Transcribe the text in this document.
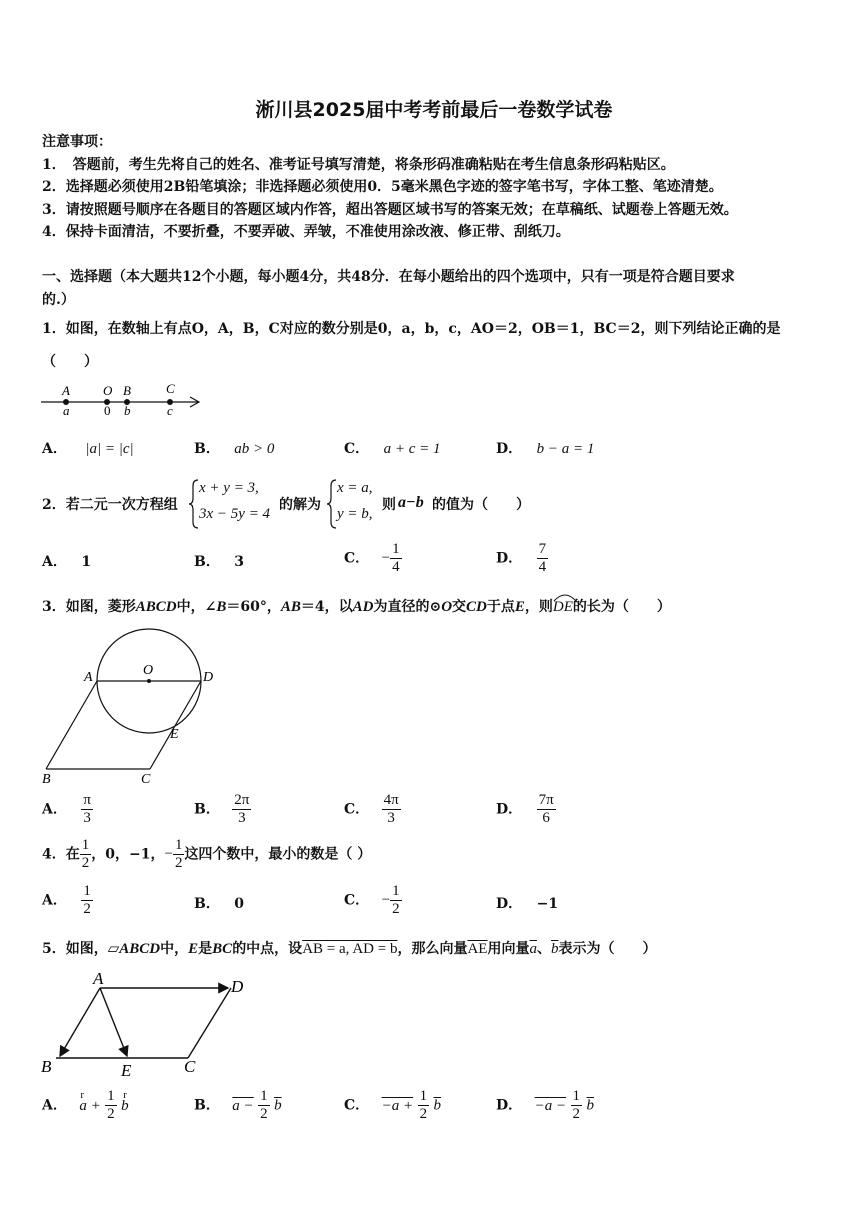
淅川县2025届中考考前最后一卷数学试卷
注意事项：
1．　答题前，考生先将自己的姓名、准考证号填写清楚，将条形码准确粘贴在考生信息条形码粘贴区。
2．选择题必须使用2B铅笔填涂；非选择题必须使用0．5毫米黑色字迹的签字笔书写，字体工整、笔迹清楚。
3．请按照题号顺序在各题目的答题区域内作答，超出答题区域书写的答案无效；在草稿纸、试题卷上答题无效。
4．保持卡面清洁，不要折叠，不要弄破、弄皱，不准使用涂改液、修正带、刮纸刀。
一、选择题（本大题共12个小题，每小题4分，共48分．在每小题给出的四个选项中，只有一项是符合题目要求
的.）
1．如图，在数轴上有点O，A，B，C对应的数分别是0，a，b，c，AO＝2，OB＝1，BC＝2，则下列结论正确的是
（　　）
A	O B	C
a	0 b	c
A． |a| = |c|	B． ab > 0	C． a + c = 1	D． b − a = 1
2．若二元一次方程组
x + y = 3,
3x − 5y = 4
的解为
x = a,
y = b,
则 a−b 的值为（　　）
A． 1	B． 3	C． − $\frac{1}{4}$	D． $\frac{7}{4}$
3．如图，菱形ABCD中，∠B＝60°，AB＝4，以AD为直径的⊙O交CD于点E，则
DE的长为（　　）
A	O	D
E
B	C
A． $\frac{\pi}{3}$	B． $\frac{2\pi}{3}$	C． $\frac{4\pi}{3}$	D． $\frac{7\pi}{6}$
4．在 $\frac{1}{2}$ ，0，−1，− $\frac{1}{2}$ 这四个数中，最小的数是（ ）
A． $\frac{1}{2}$	B． 0	C． − $\frac{1}{2}$	D． −1
5．如图，▱ABCD中，E是BC的中点，设AB = a, AD = b，那么向量$\overline{AE}$用向量$\overline{a}$、$\overline{b}$表示为（　　）
A	D
B	E	C
A．
r
$a + \frac{1}{2}$
r
b	B． $a - \frac{1}{2} \overline{b}$	C． $-a + \frac{1}{2} \overline{b}$	D． $-a - \frac{1}{2} \overline{b}$
